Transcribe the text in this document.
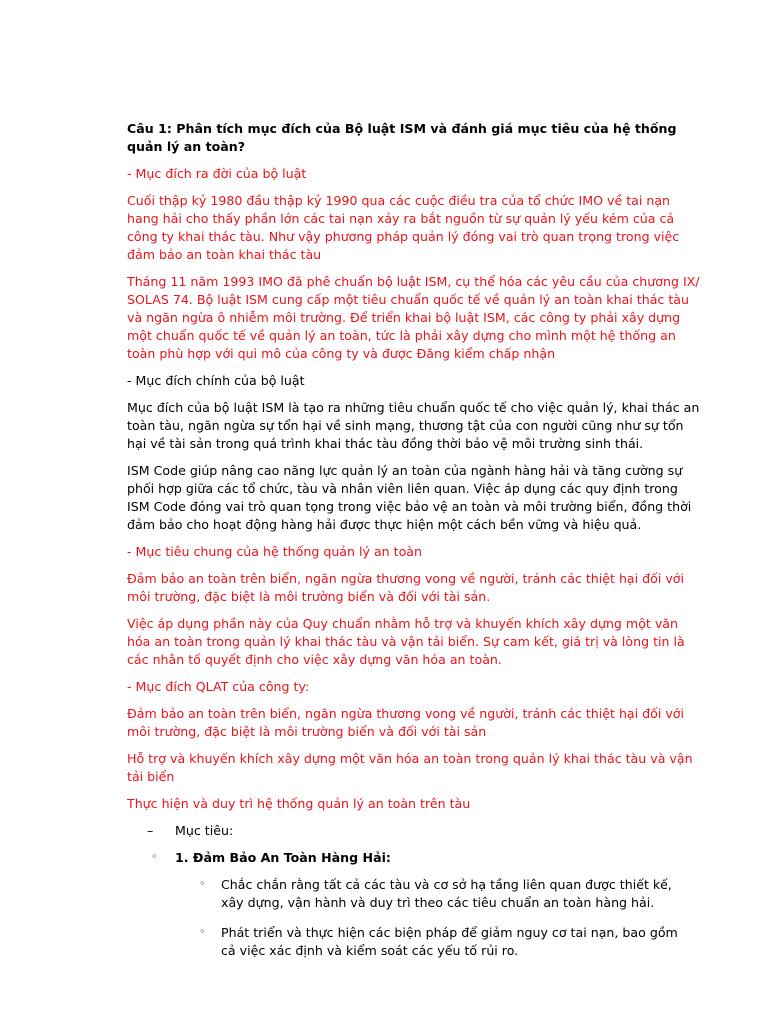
Câu 1: Phân tích mục đích của Bộ luật ISM và đánh giá mục tiêu của hệ thống quản lý an toàn?

- Mục đích ra đời của bộ luật

Cuối thập kỷ 1980 đầu thập kỷ 1990 qua các cuộc điều tra của tổ chức IMO về tai nạn hang hải cho thấy phần lớn các tai nạn xảy ra bắt nguồn từ sự quản lý yếu kém của cả công ty khai thác tàu. Như vậy phương pháp quản lý đóng vai trò quan trọng trong việc đảm bảo an toàn khai thác tàu

Tháng 11 năm 1993 IMO đã phê chuẩn bộ luật ISM, cụ thể hóa các yêu cầu của chương IX/ SOLAS 74. Bộ luật ISM cung cấp một tiêu chuẩn quốc tế về quản lý an toàn khai thác tàu và ngăn ngừa ô nhiễm môi trường. Để triển khai bộ luật ISM, các công ty phải xây dựng một chuẩn quốc tế về quản lý an toàn, tức là phải xây dựng cho mình một hệ thống an toàn phù hợp với qui mô của công ty và được Đăng kiểm chấp nhận

- Mục đích chính của bộ luật

Mục đích của bộ luật ISM là tạo ra những tiêu chuẩn quốc tế cho việc quản lý, khai thác an toàn tàu, ngăn ngừa sự tổn hại về sinh mạng, thương tật của con người cũng như sự tổn hại về tài sản trong quá trình khai thác tàu đồng thời bảo vệ môi trường sinh thái.

ISM Code giúp nâng cao năng lực quản lý an toàn của ngành hàng hải và tăng cường sự phối hợp giữa các tổ chức, tàu và nhân viên liên quan. Việc áp dụng các quy định trong ISM Code đóng vai trò quan tọng trong việc bảo vệ an toàn và môi trường biển, đồng thời đảm bảo cho hoạt động hàng hải được thực hiện một cách bền vững và hiệu quả.

- Mục tiêu chung của hệ thống quản lý an toàn

Đảm bảo an toàn trên biển, ngăn ngừa thương vong về người, tránh các thiệt hại đối với môi trường, đặc biệt là môi trường biển và đối với tài sản.

Việc áp dụng phần này của Quy chuẩn nhằm hỗ trợ và khuyến khích xây dựng một văn hóa an toàn trong quản lý khai thác tàu và vận tải biển. Sự cam kết, giá trị và lòng tin là các nhân tố quyết định cho việc xây dựng văn hóa an toàn.

- Mục đích QLAT của công ty:

Đảm bảo an toàn trên biển, ngăn ngừa thương vong về người, tránh các thiệt hại đối với môi trường, đặc biệt là môi trường biển và đối với tài sản

Hỗ trợ và khuyến khích xây dựng một văn hóa an toàn trong quản lý khai thác tàu và vận tải biển

Thực hiện và duy trì hệ thống quản lý an toàn trên tàu

– Mục tiêu:
◦ 1. Đảm Bảo An Toàn Hàng Hải:
◦ Chắc chắn rằng tất cả các tàu và cơ sở hạ tầng liên quan được thiết kế, xây dựng, vận hành và duy trì theo các tiêu chuẩn an toàn hàng hải.
◦ Phát triển và thực hiện các biện pháp để giảm nguy cơ tai nạn, bao gồm cả việc xác định và kiểm soát các yếu tố rủi ro.
